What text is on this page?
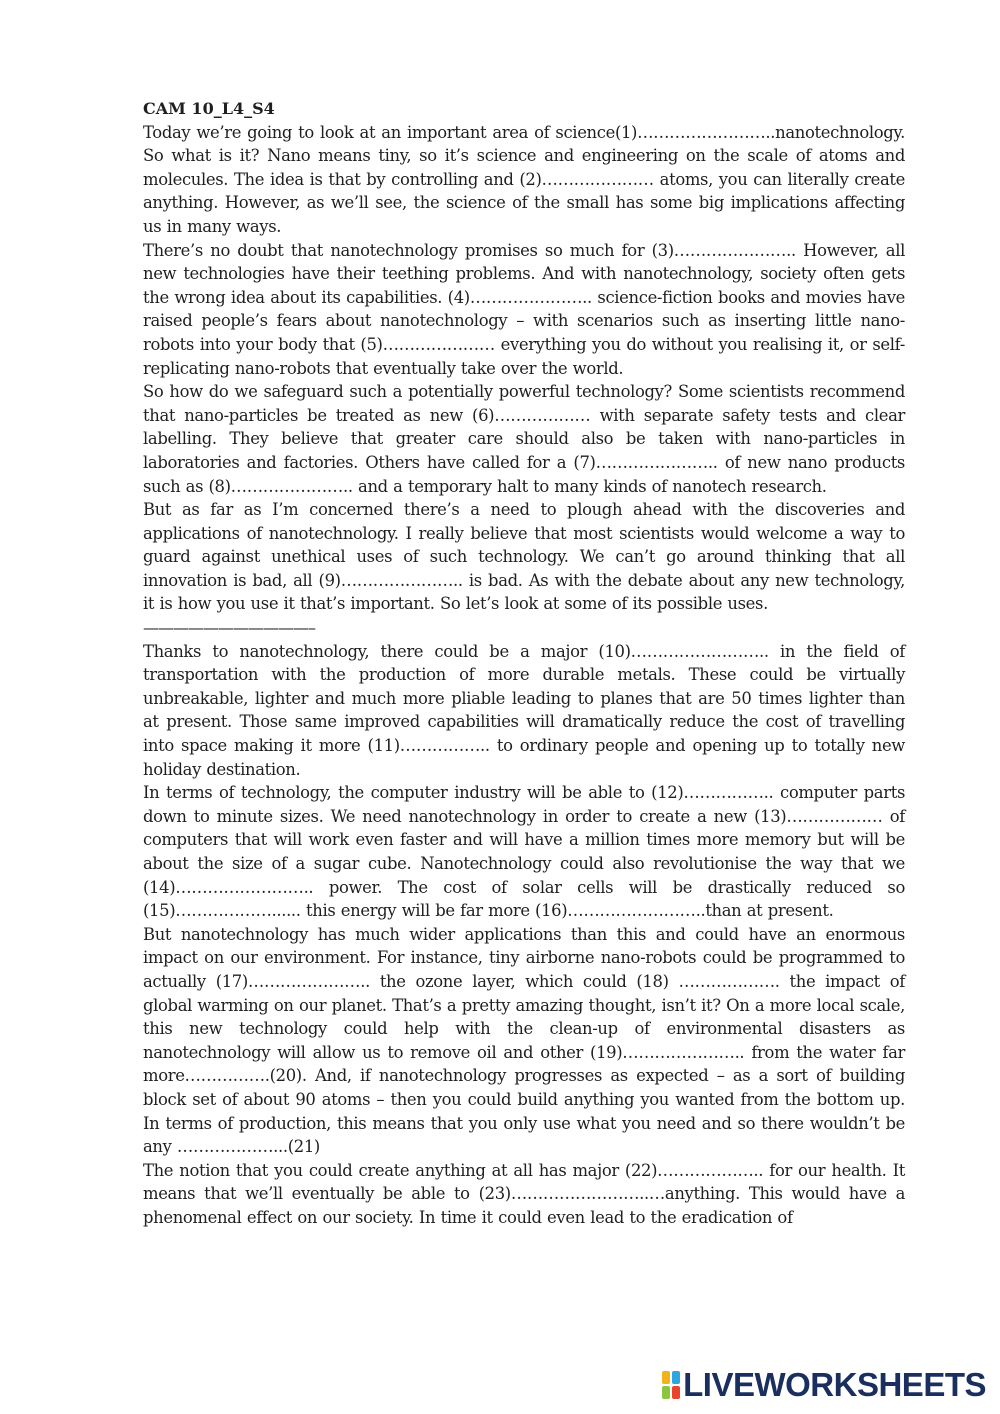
CAM 10_L4_S4

Today we’re going to look at an important area of science(1)……………………..nanotechnology. So what is it? Nano means tiny, so it’s science and engineering on the scale of atoms and molecules. The idea is that by controlling and (2)………………… atoms, you can literally create anything. However, as we’ll see, the science of the small has some big implications affecting us in many ways.

There’s no doubt that nanotechnology promises so much for (3)………………….. However, all new technologies have their teething problems. And with nanotechnology, society often gets the wrong idea about its capabilities. (4)………………….. science-fiction books and movies have raised people’s fears about nanotechnology – with scenarios such as inserting little nano-robots into your body that (5)………………… everything you do without you realising it, or self-replicating nano-robots that eventually take over the world.

So how do we safeguard such a potentially powerful technology? Some scientists recommend that nano-particles be treated as new (6)……………… with separate safety tests and clear labelling. They believe that greater care should also be taken with nano-particles in laboratories and factories. Others have called for a (7)………………….. of new nano products such as (8)………………….. and a temporary halt to many kinds of nanotech research.

But as far as I’m concerned there’s a need to plough ahead with the discoveries and applications of nanotechnology. I really believe that most scientists would welcome a way to guard against unethical uses of such technology. We can’t go around thinking that all innovation is bad, all (9)………………….. is bad. As with the debate about any new technology, it is how you use it that’s important. So let’s look at some of its possible uses.

———————————–

Thanks to nanotechnology, there could be a major (10)…………………….. in the field of transportation with the production of more durable metals. These could be virtually unbreakable, lighter and much more pliable leading to planes that are 50 times lighter than at present. Those same improved capabilities will dramatically reduce the cost of travelling into space making it more (11)…………….. to ordinary people and opening up to totally new holiday destination.

In terms of technology, the computer industry will be able to (12)…………….. computer parts down to minute sizes. We need nanotechnology in order to create a new (13)……………… of computers that will work even faster and will have a million times more memory but will be about the size of a sugar cube. Nanotechnology could also revolutionise the way that we (14)…………………….. power. The cost of solar cells will be drastically reduced so (15)………………...... this energy will be far more (16)……………………..than at present.

But nanotechnology has much wider applications than this and could have an enormous impact on our environment. For instance, tiny airborne nano-robots could be programmed to actually (17)………………….. the ozone layer, which could (18) ………………. the impact of global warming on our planet. That’s a pretty amazing thought, isn’t it? On a more local scale, this new technology could help with the clean-up of environmental disasters as nanotechnology will allow us to remove oil and other (19)………………….. from the water far more…………….(20). And, if nanotechnology progresses as expected – as a sort of building block set of about 90 atoms – then you could build anything you wanted from the bottom up. In terms of production, this means that you only use what you need and so there wouldn’t be any ………………...(21)

The notion that you could create anything at all has major (22)……………….. for our health. It means that we’ll eventually be able to (23)……………………..…anything. This would have a phenomenal effect on our society. In time it could even lead to the eradication of

LIVEWORKSHEETS
